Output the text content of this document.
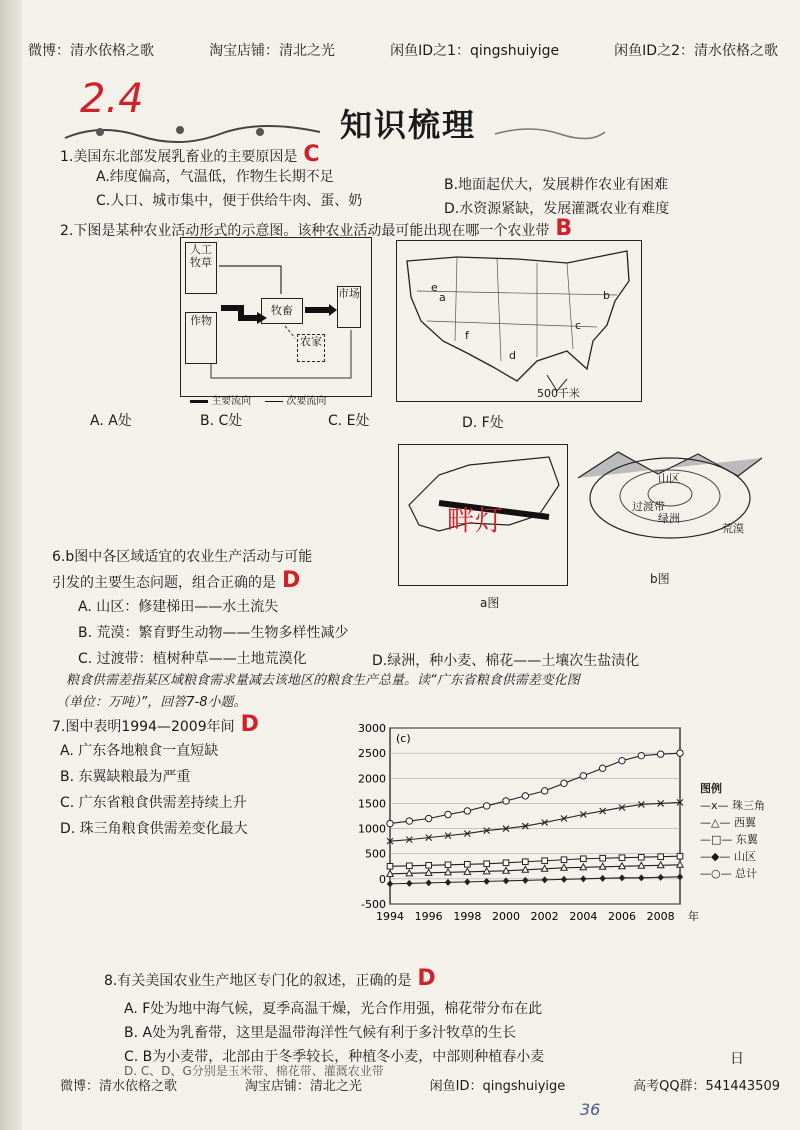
微博：清水依格之歌	淘宝店铺：清北之光	闲鱼ID之1：qingshuiyige	闲鱼ID之2：清水依格之歌
2.4
知识梳理
1.美国东北部发展乳畜业的主要原因是 C
A.纬度偏高，气温低，作物生长期不足	B.地面起伏大，发展耕作农业有困难
C.人口、城市集中，便于供给牛肉、蛋、奶	D.水资源紧缺，发展灌溉农业有难度
2.下图是某种农业活动形式的示意图。该种农业活动最可能出现在哪一个农业带 B
人工牧草
作物
牧畜
市场
农家
主要流向	次要流向
a	b
c
d
e
f
500千米
A. A处	B. C处	C. E处	D. F处
畔灯
a图
山区
过渡带
绿洲
荒漠
b图
6.b图中各区域适宜的农业生产活动与可能
引发的主要生态问题，组合正确的是 D
A. 山区：修建梯田——水土流失
B. 荒漠：繁育野生动物——生物多样性减少
C. 过渡带：植树种草——土地荒漠化	D.绿洲，种小麦、棉花——土壤次生盐渍化
粮食供需差指某区域粮食需求量减去该地区的粮食生产总量。读“广东省粮食供需差变化图
（单位：万吨）”，回答7-8小题。
7.图中表明1994—2009年间 D
A. 广东各地粮食一直短缺
B. 东翼缺粮最为严重
C. 广东省粮食供需差持续上升
D. 珠三角粮食供需差变化最大
-500
0
500
1000
1500
2000
2500
3000
1994 1996 1998 2000 2002 2004 2006 2008 年
(c)
图例
—x— 珠三角
—△— 西翼
—□— 东翼
—◆— 山区
—○— 总计
8.有关美国农业生产地区专门化的叙述，正确的是 D
A. F处为地中海气候，夏季高温干燥，光合作用强，棉花带分布在此
B. A处为乳畜带，这里是温带海洋性气候有利于多汁牧草的生长
C. B为小麦带，北部由于冬季较长，种植冬小麦，中部则种植春小麦
D. C、D、G分别是玉米带、棉花带、灌溉农业带
日
微博：清水依格之歌	淘宝店铺：清北之光	闲鱼ID：qingshuiyige	高考QQ群：541443509
36
